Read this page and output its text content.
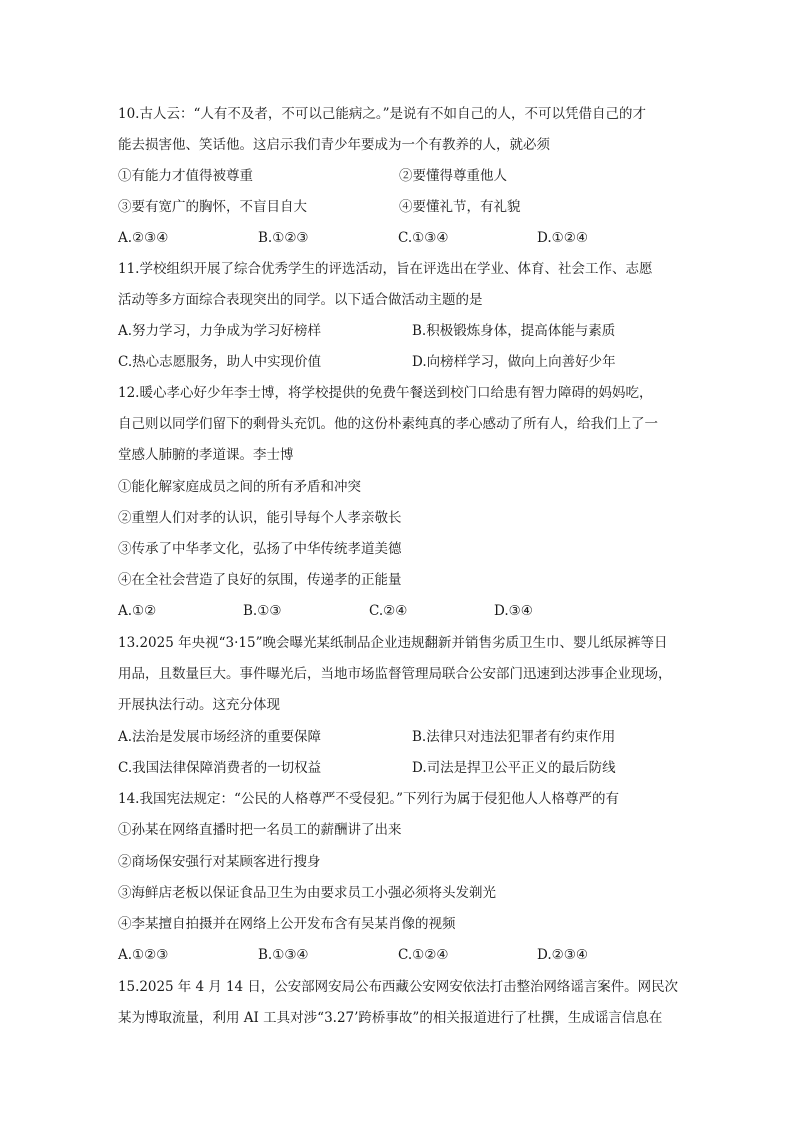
10.古人云：“人有不及者，不可以己能病之。”是说有不如自己的人，不可以凭借自己的才
能去损害他、笑话他。这启示我们青少年要成为一个有教养的人，就必须
①有能力才值得被尊重	②要懂得尊重他人
③要有宽广的胸怀，不盲目自大	④要懂礼节，有礼貌
A.②③④	B.①②③	C.①③④	D.①②④
11.学校组织开展了综合优秀学生的评选活动，旨在评选出在学业、体育、社会工作、志愿
活动等多方面综合表现突出的同学。以下适合做活动主题的是
A.努力学习，力争成为学习好榜样	B.积极锻炼身体，提高体能与素质
C.热心志愿服务，助人中实现价值	D.向榜样学习，做向上向善好少年
12.暖心孝心好少年李士博，将学校提供的免费午餐送到校门口给患有智力障碍的妈妈吃，
自己则以同学们留下的剩骨头充饥。他的这份朴素纯真的孝心感动了所有人，给我们上了一
堂感人肺腑的孝道课。李士博
①能化解家庭成员之间的所有矛盾和冲突
②重塑人们对孝的认识，能引导每个人孝亲敬长
③传承了中华孝文化，弘扬了中华传统孝道美德
④在全社会营造了良好的氛围，传递孝的正能量
A.①②	B.①③	C.②④	D.③④
13.2025 年央视“3·15”晚会曝光某纸制品企业违规翻新并销售劣质卫生巾、婴儿纸尿裤等日
用品，且数量巨大。事件曝光后，当地市场监督管理局联合公安部门迅速到达涉事企业现场，
开展执法行动。这充分体现
A.法治是发展市场经济的重要保障	B.法律只对违法犯罪者有约束作用
C.我国法律保障消费者的一切权益	D.司法是捍卫公平正义的最后防线
14.我国宪法规定：“公民的人格尊严不受侵犯。”下列行为属于侵犯他人人格尊严的有
①孙某在网络直播时把一名员工的薪酬讲了出来
②商场保安强行对某顾客进行搜身
③海鲜店老板以保证食品卫生为由要求员工小强必须将头发剃光
④李某擅自拍摄并在网络上公开发布含有吴某肖像的视频
A.①②③	B.①③④	C.①②④	D.②③④
15.2025 年 4 月 14 日，公安部网安局公布西藏公安网安依法打击整治网络谣言案件。网民次
某为博取流量，利用 AI 工具对涉“3.27’跨桥事故”的相关报道进行了杜撰，生成谣言信息在
